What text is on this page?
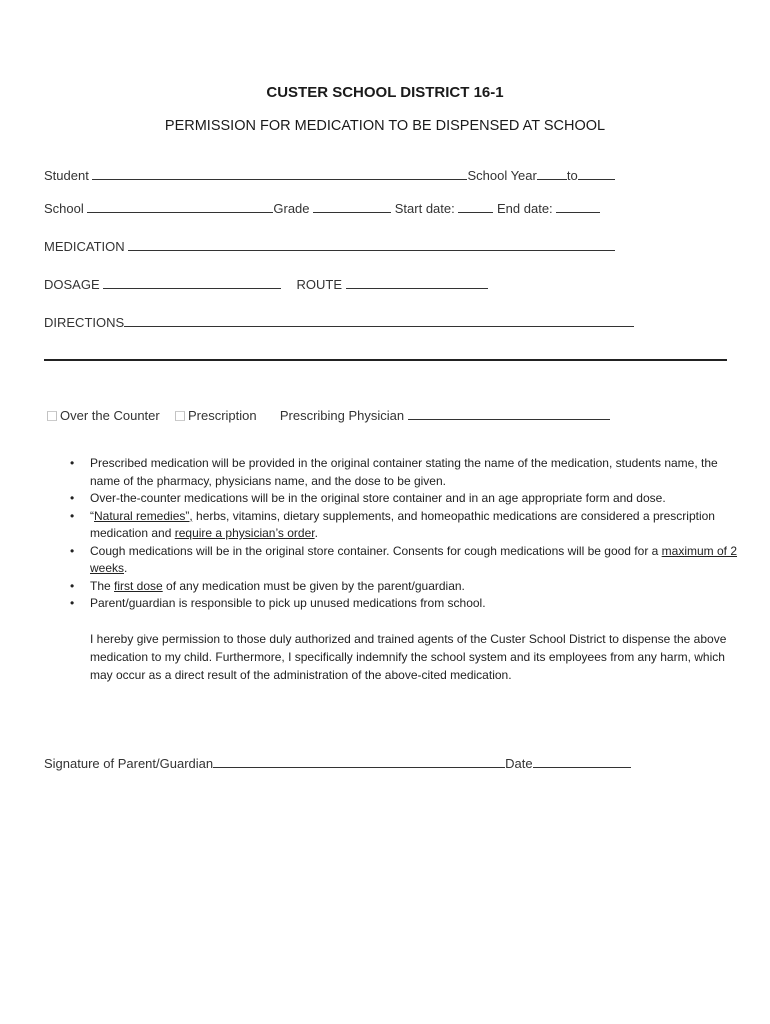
CUSTER SCHOOL DISTRICT 16-1
PERMISSION FOR MEDICATION TO BE DISPENSED AT SCHOOL
Student	School Year to
School	Grade	Start date:	End date:
MEDICATION
DOSAGE	ROUTE
DIRECTIONS
⃞ Over the Counter ⃞ Prescription Prescribing Physician
• Prescribed medication will be provided in the original container stating the name of the medication, students name, the name of the pharmacy, physicians name, and the dose to be given.
• Over-the-counter medications will be in the original store container and in an age appropriate form and dose.
• “Natural remedies”, herbs, vitamins, dietary supplements, and homeopathic medications are considered a prescription medication and require a physician’s order.
• Cough medications will be in the original store container. Consents for cough medications will be good for a maximum of 2 weeks.
• The first dose of any medication must be given by the parent/guardian.
• Parent/guardian is responsible to pick up unused medications from school.
I hereby give permission to those duly authorized and trained agents of the Custer School District to dispense the above medication to my child. Furthermore, I specifically indemnify the school system and its employees from any harm, which may occur as a direct result of the administration of the above-cited medication.
Signature of Parent/Guardian	Date
